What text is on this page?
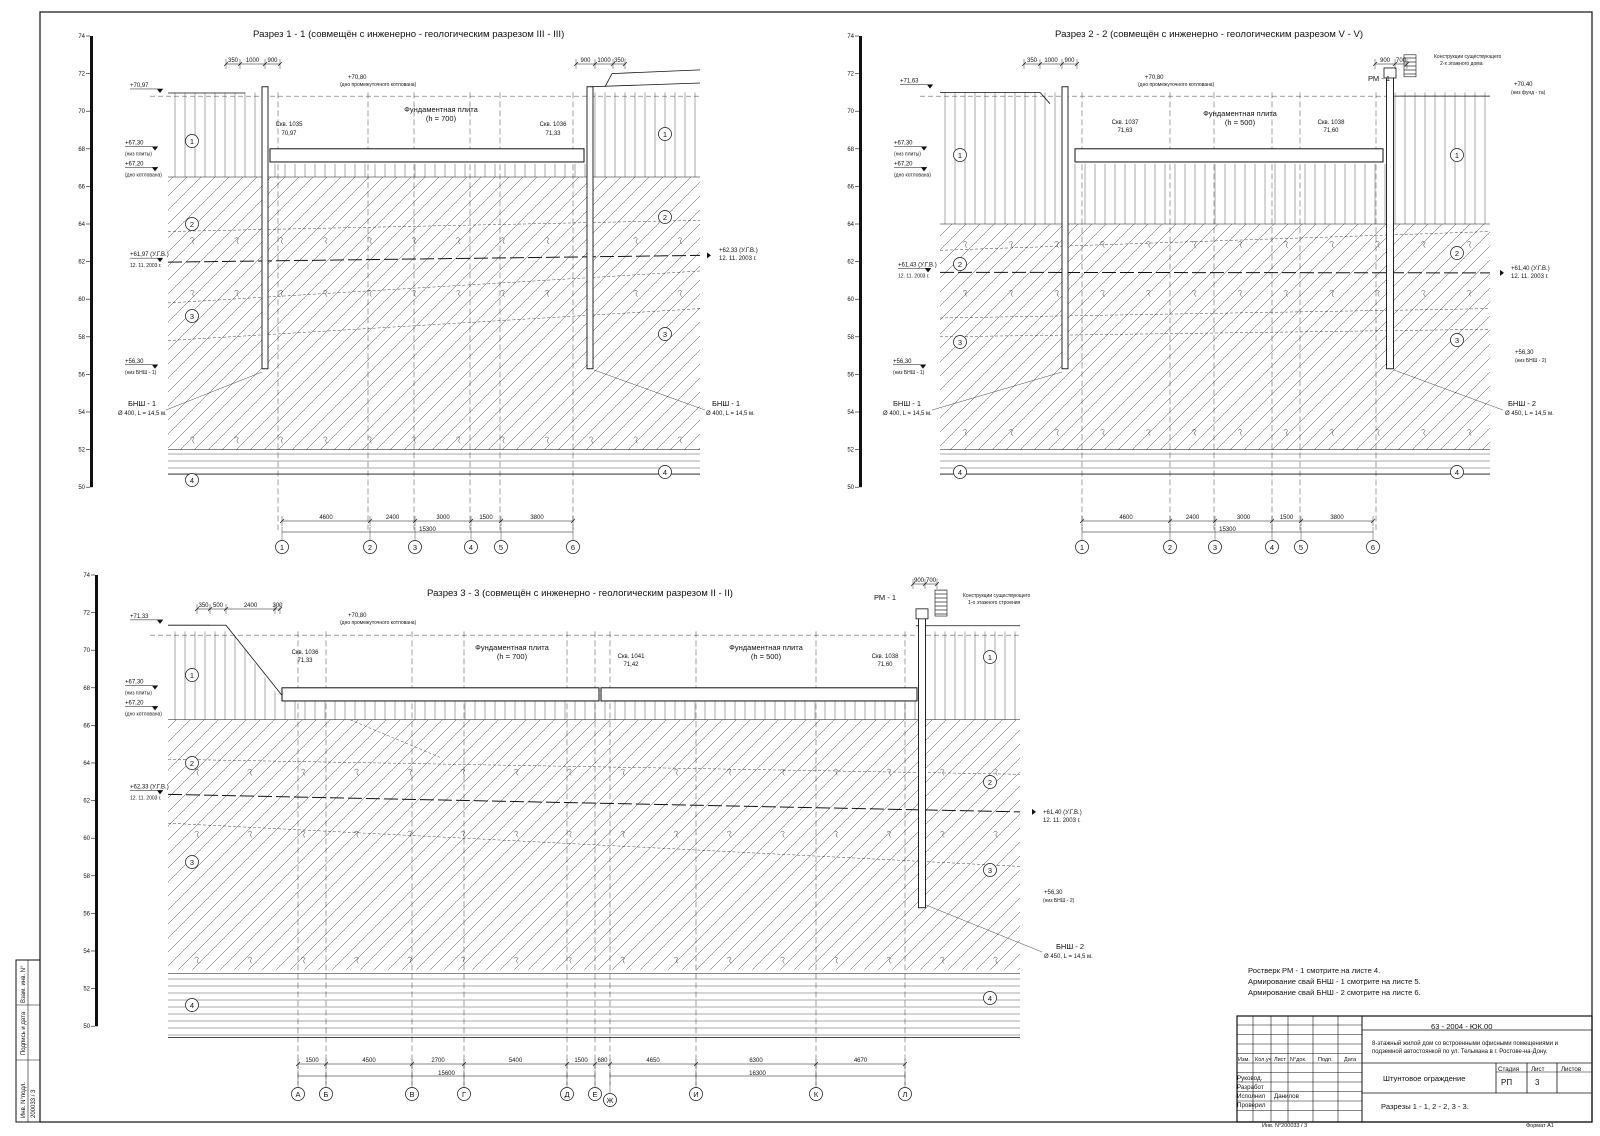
74
72
70
68
66
64
62
60
58
56
54
52
50
350 1000 900	900 1000 350
4600	2400	3000	1500	3800
15300
1	2	3	4	5	6
1
2
3
4
1
2
3
4
Фундаментная плита
(h = 700)
Скв. 1035
70,97
Скв. 1036
71,33
+70,97
+70,80
(дно промежуточного котлована)
+67,30
(низ плиты)
+67,20
(дно котлована)
+61,97 (У.Г.В.)
12. 11. 2003 г.
+62,33 (У.Г.В.)
12. 11. 2003 г.
+56,30
(низ БНШ - 1)
БНШ - 1
Ø 400, L = 14,5 м.
БНШ - 1
Ø 400, L = 14,5 м.
74
72
70
68
66
64
62
60
58
56
54
52
50
350 1000 900	900 700
4600	2400	3000	1500	3800
15300
1	2	3	4	5	6
1
2
3
4
1
2
3
4
Фундаментная плита
(h = 500)
Скв. 1037
71,63
Скв. 1038
71,60
+71,63
+70,80
(дно промежуточного котлована)
+67,30
(низ плиты)
+67,20
(дно котлована)
+61,43 (У.Г.В.)
12. 11. 2003 г.
+61,40 (У.Г.В.)
12. 11. 2003 г.
+56,30
(низ БНШ - 1)
+56,30
(низ БНШ - 2)
БНШ - 1
Ø 400, L = 14,5 м.
БНШ - 2
Ø 450, L = 14,5 м.
РМ - 1
Конструкции существующего
2-х этажного дома
+70,40
(низ фунд - та)
74
72
70
68
66
64
62
60
58
56
54
52
50
350 500	2400	300
900 700
1500	4500	2700	5400	1500 680	4650	6300	4670
15600	16300
А	Б	В	Г	Д	Е
Ж
И	К	Л
1
2
3
4
1
2
3
4
Фундаментная плита
(h = 700)
Фундаментная плита
(h = 500)
Скв. 1036
71,33
Скв. 1041
71,42
Скв. 1038
71,60
+71,33	+70,80
(дно промежуточного котлована)
+67,30
(низ плиты)
+67,20
(дно котлована)
+62,33 (У.Г.В.)
12. 11. 2003 г.
+61,40 (У.Г.В.)
12. 11. 2003 г.
+56,30
(низ БНШ - 2)
БНШ - 2
Ø 450, L = 14,5 м.
РМ - 1	Конструкции существующего
1-о этажного строения
Разрез 1 - 1 (совмещён с инженерно - геологическим разрезом III - III)	Разрез 2 - 2 (совмещён с инженерно - геологическим разрезом V - V)
Разрез 3 - 3 (совмещён с инженерно - геологическим разрезом II - II)
Ростверк РМ - 1 смотрите на листе 4.
Армирование свай БНШ - 1 смотрите на листе 5.
Армирование свай БНШ - 2 смотрите на листе 6.
63 - 2004 - ЮК.00
8-этажный жилой дом со встроенными офисными помещениями и подземной автостоянкой по ул. Тельмана в г. Ростове-на-Дону.
Штунтовое ограждение
Разрезы 1 - 1, 2 - 2, 3 - 3.
Стадия Лист	Листов
РП	3
Изм. Кол.уч Лист N°док. Подп. Дата
Руковод.
Разработ
Исполнил
Проверил
Данилов
Инв. N°200033 / 3	Формат А1
Инв. N°подл. 200033 / 3
Подпись и дата
Взам. инв. N°
